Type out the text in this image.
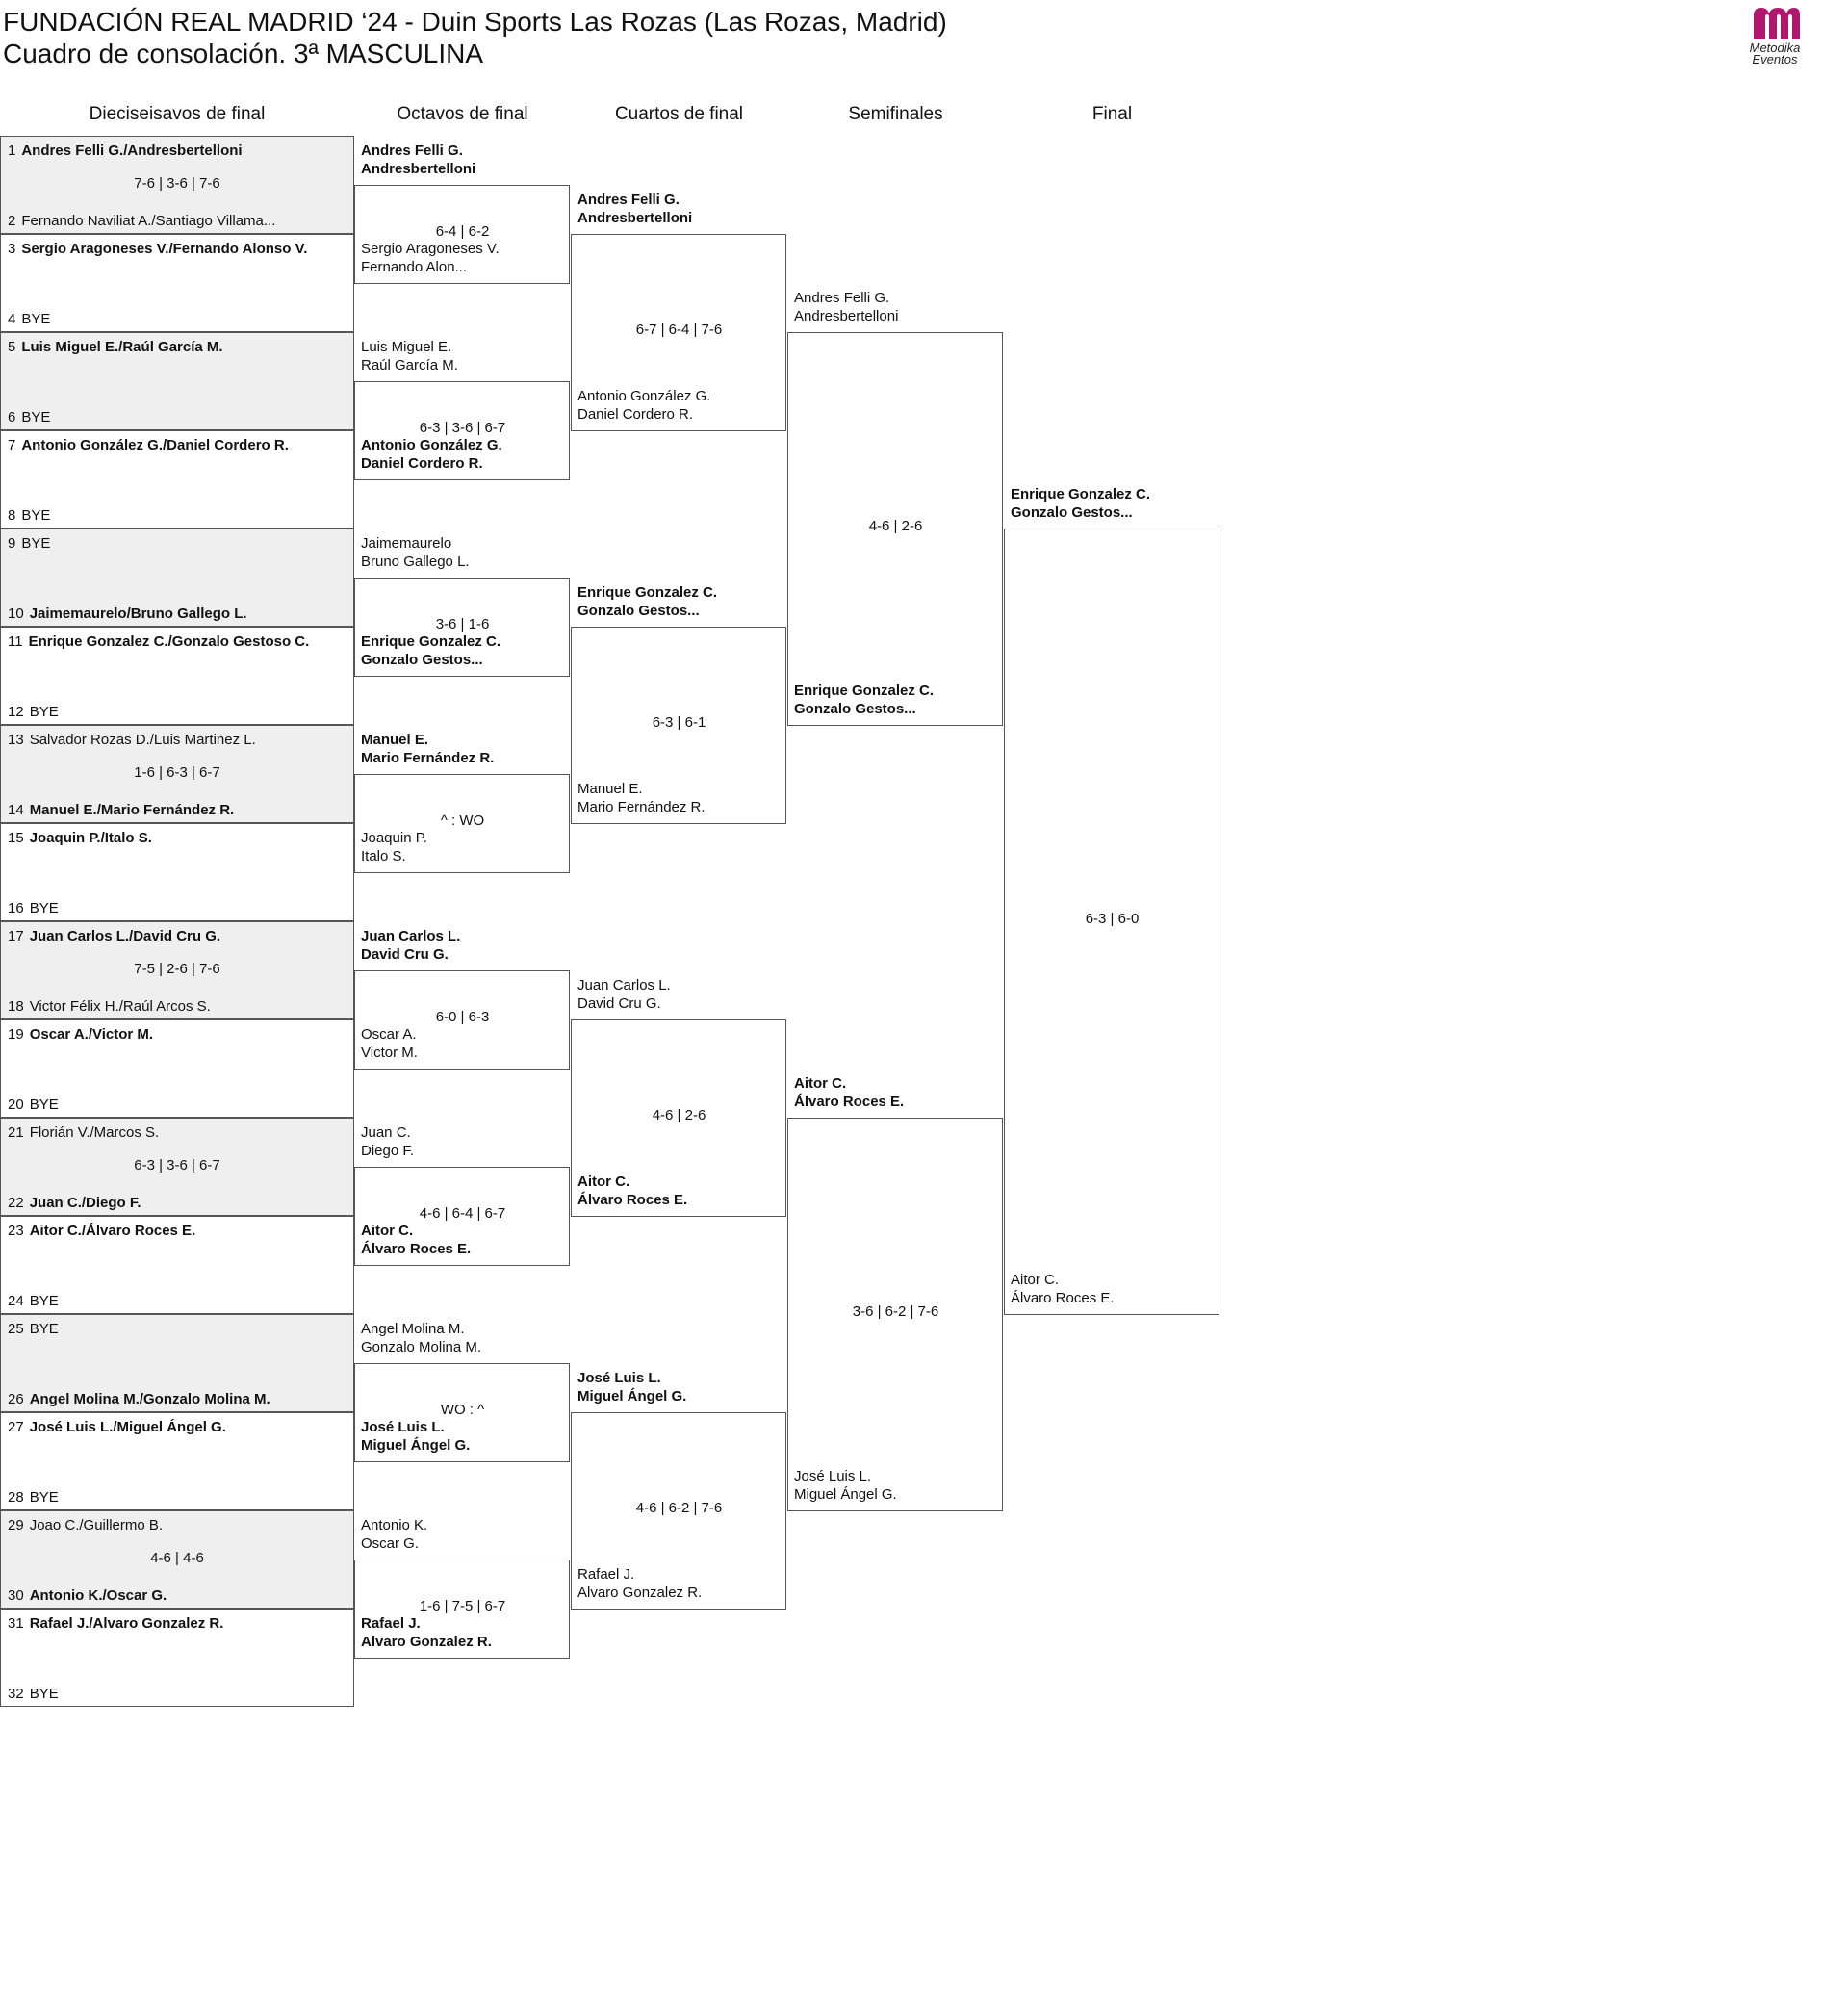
FUNDACIÓN REAL MADRID ‘24 - Duin Sports Las Rozas (Las Rozas, Madrid)
Cuadro de consolación. 3ª MASCULINA	Metodika
Eventos
Dieciseisavos de final	Octavos de final	Cuartos de final	Semifinales	Final
1 Andres Felli G./Andresbertelloni
2 Fernando Naviliat A./Santiago Villama...
7-6 | 3-6 | 7-6
3 Sergio Aragoneses V./Fernando Alonso V.
4 BYE
5 Luis Miguel E./Raúl García M.
6 BYE
7 Antonio González G./Daniel Cordero R.
8 BYE
9 BYE
10 Jaimemaurelo/Bruno Gallego L.
11 Enrique Gonzalez C./Gonzalo Gestoso C.
12 BYE
13 Salvador Rozas D./Luis Martinez L.
14 Manuel E./Mario Fernández R.
1-6 | 6-3 | 6-7
15 Joaquin P./Italo S.
16 BYE
17 Juan Carlos L./David Cru G.
18 Victor Félix H./Raúl Arcos S.
7-5 | 2-6 | 7-6
19 Oscar A./Victor M.
20 BYE
21 Florián V./Marcos S.
22 Juan C./Diego F.
6-3 | 3-6 | 6-7
23 Aitor C./Álvaro Roces E.
24 BYE
25 BYE
26 Angel Molina M./Gonzalo Molina M.
27 José Luis L./Miguel Ángel G.
28 BYE
29 Joao C./Guillermo B.
30 Antonio K./Oscar G.
4-6 | 4-6
31 Rafael J./Alvaro Gonzalez R.
32 BYE
Andres Felli G.
Andresbertelloni
Sergio Aragoneses V.
Fernando Alon...
6-4 | 6-2
Luis Miguel E.
Raúl García M.
Antonio González G.
Daniel Cordero R.
6-3 | 3-6 | 6-7
Jaimemaurelo
Bruno Gallego L.
Enrique Gonzalez C.
Gonzalo Gestos...
3-6 | 1-6
Manuel E.
Mario Fernández R.
Joaquin P.
Italo S.
^ : WO
Juan Carlos L.
David Cru G.
Oscar A.
Victor M.
6-0 | 6-3
Juan C.
Diego F.
Aitor C.
Álvaro Roces E.
4-6 | 6-4 | 6-7
Angel Molina M.
Gonzalo Molina M.
José Luis L.
Miguel Ángel G.
WO : ^
Antonio K.
Oscar G.
Rafael J.
Alvaro Gonzalez R.
1-6 | 7-5 | 6-7
Andres Felli G.
Andresbertelloni
Antonio González G.
Daniel Cordero R.
6-7 | 6-4 | 7-6
Enrique Gonzalez C.
Gonzalo Gestos...
Manuel E.
Mario Fernández R.
6-3 | 6-1
Juan Carlos L.
David Cru G.
Aitor C.
Álvaro Roces E.
4-6 | 2-6
José Luis L.
Miguel Ángel G.
Rafael J.
Alvaro Gonzalez R.
4-6 | 6-2 | 7-6
Andres Felli G.
Andresbertelloni
Enrique Gonzalez C.
Gonzalo Gestos...
4-6 | 2-6
Aitor C.
Álvaro Roces E.
José Luis L.
Miguel Ángel G.
3-6 | 6-2 | 7-6
Enrique Gonzalez C.
Gonzalo Gestos...
Aitor C.
Álvaro Roces E.
6-3 | 6-0
